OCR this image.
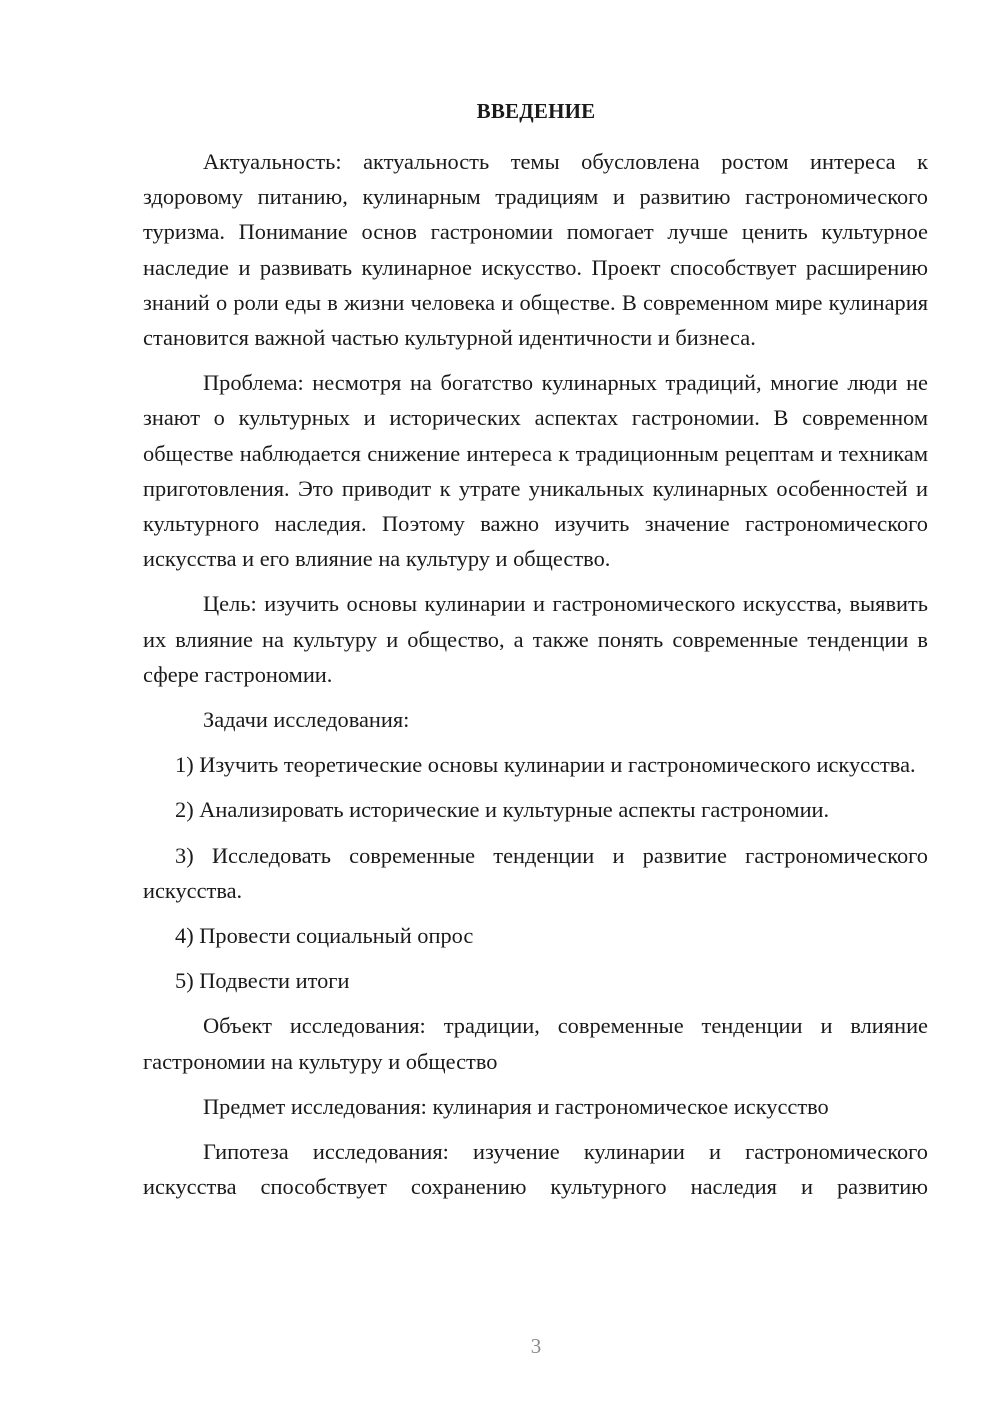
ВВЕДЕНИЕ

Актуальность: актуальность темы обусловлена ростом интереса к здоровому питанию, кулинарным традициям и развитию гастрономического туризма. Понимание основ гастрономии помогает лучше ценить культурное наследие и развивать кулинарное искусство. Проект способствует расширению знаний о роли еды в жизни человека и обществе. В современном мире кулинария становится важной частью культурной идентичности и бизнеса.

Проблема: несмотря на богатство кулинарных традиций, многие люди не знают о культурных и исторических аспектах гастрономии. В современном обществе наблюдается снижение интереса к традиционным рецептам и техникам приготовления. Это приводит к утрате уникальных кулинарных особенностей и культурного наследия. Поэтому важно изучить значение гастрономического искусства и его влияние на культуру и общество.

Цель: изучить основы кулинарии и гастрономического искусства, выявить их влияние на культуру и общество, а также понять современные тенденции в сфере гастрономии.

Задачи исследования:

1) Изучить теоретические основы кулинарии и гастрономического искусства.

2) Анализировать исторические и культурные аспекты гастрономии.

3) Исследовать современные тенденции и развитие гастрономического искусства.

4) Провести социальный опрос

5) Подвести итоги

Объект исследования: традиции, современные тенденции и влияние гастрономии на культуру и общество

Предмет исследования: кулинария и гастрономическое искусство

Гипотеза исследования: изучение кулинарии и гастрономического искусства способствует сохранению культурного наследия и развитию

3
